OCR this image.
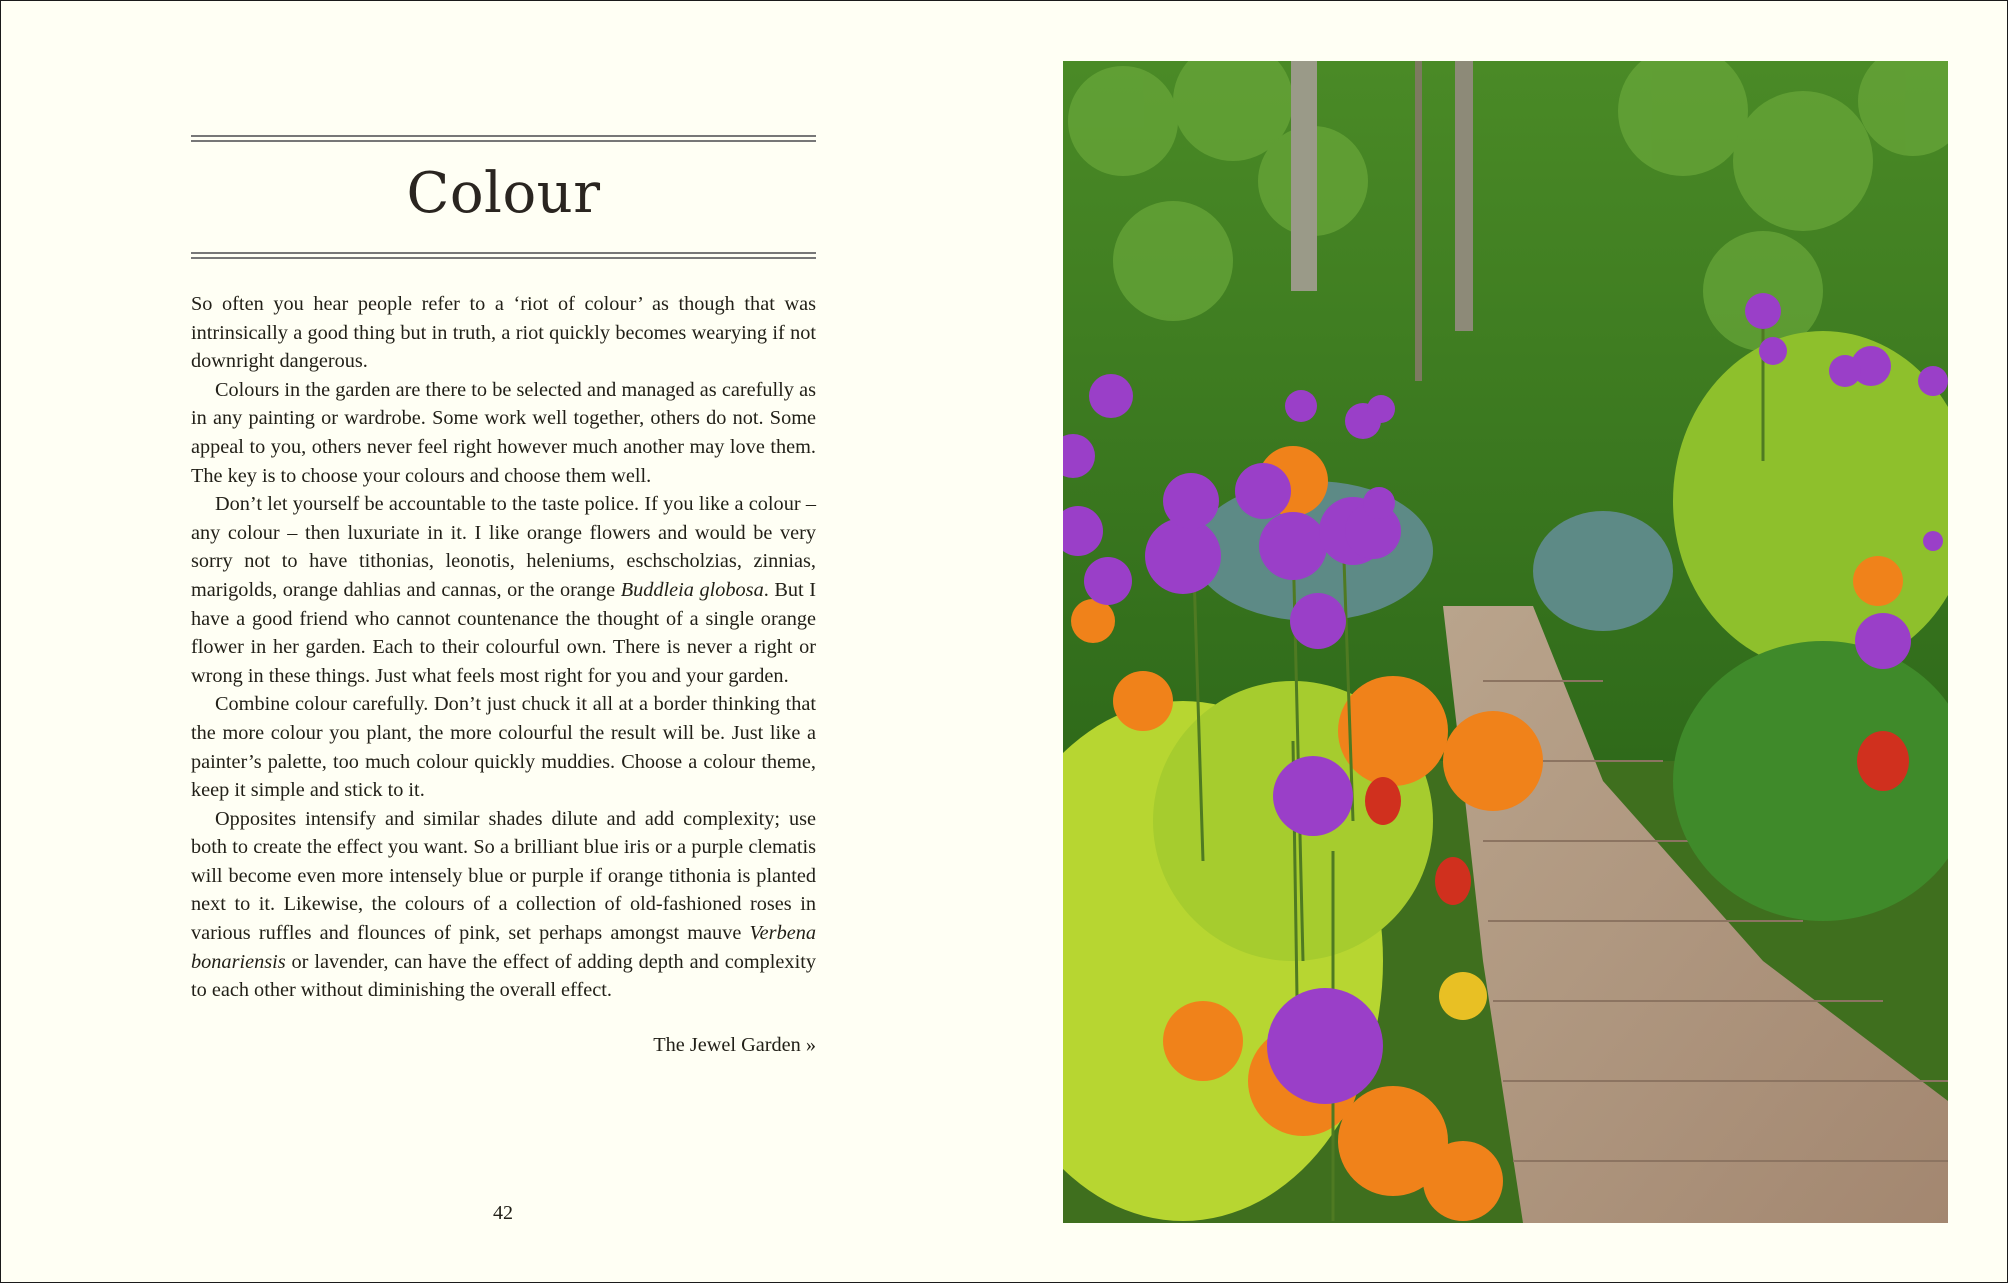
Colour

So often you hear people refer to a ‘riot of colour’ as though that was intrinsically a good thing but in truth, a riot quickly becomes wearying if not downright dangerous.

Colours in the garden are there to be selected and managed as carefully as in any painting or wardrobe. Some work well together, others do not. Some appeal to you, others never feel right however much another may love them. The key is to choose your colours and choose them well.

Don’t let yourself be accountable to the taste police. If you like a colour – any colour – then luxuriate in it. I like orange flowers and would be very sorry not to have tithonias, leonotis, heleniums, eschscholzias, zinnias, marigolds, orange dahlias and cannas, or the orange Buddleia globosa. But I have a good friend who cannot countenance the thought of a single orange flower in her garden. Each to their colourful own. There is never a right or wrong in these things. Just what feels most right for you and your garden.

Combine colour carefully. Don’t just chuck it all at a border thinking that the more colour you plant, the more colourful the result will be. Just like a painter’s palette, too much colour quickly muddies. Choose a colour theme, keep it simple and stick to it.

Opposites intensify and similar shades dilute and add complexity; use both to create the effect you want. So a brilliant blue iris or a purple clematis will become even more intensely blue or purple if orange tithonia is planted next to it. Likewise, the colours of a collection of old-fashioned roses in various ruffles and flounces of pink, set perhaps amongst mauve Verbena bonariensis or lavender, can have the effect of adding depth and complexity to each other without diminishing the overall effect.

The Jewel Garden »
42
